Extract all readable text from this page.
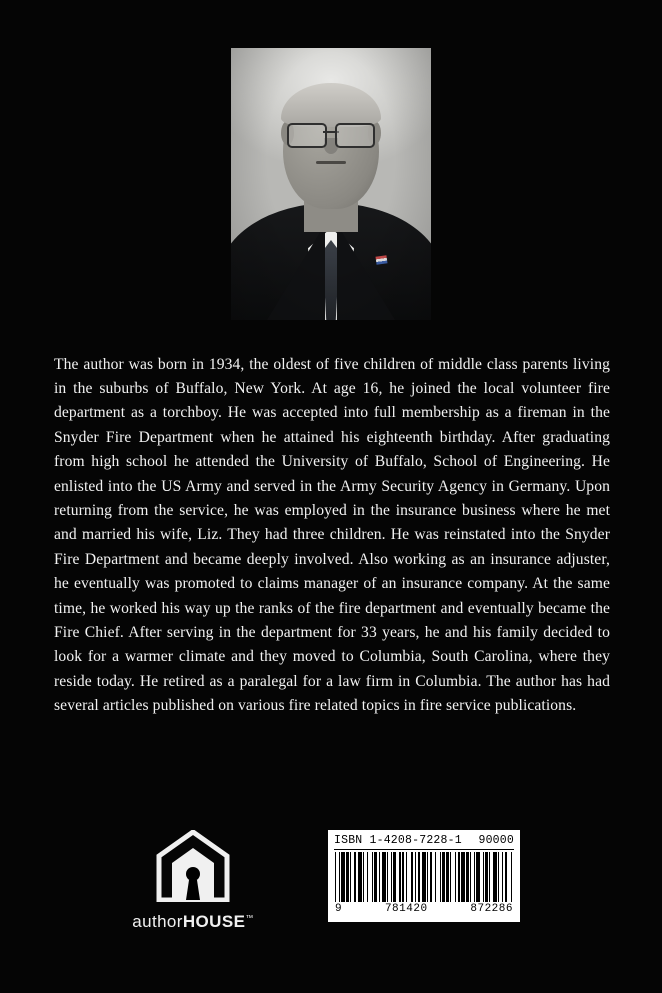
The author was born in 1934, the oldest of five children of middle class parents living in the suburbs of Buffalo, New York. At age 16, he joined the local volunteer fire department as a torchboy. He was accepted into full membership as a fireman in the Snyder Fire Department when he attained his eighteenth birthday. After graduating from high school he attended the University of Buffalo, School of Engineering. He enlisted into the US Army and served in the Army Security Agency in Germany. Upon returning from the service, he was employed in the insurance business where he met and married his wife, Liz. They had three children. He was reinstated into the Snyder Fire Department and became deeply involved. Also working as an insurance adjuster, he eventually was promoted to claims manager of an insurance company. At the same time, he worked his way up the ranks of the fire department and eventually became the Fire Chief. After serving in the department for 33 years, he and his family decided to look for a warmer climate and they moved to Columbia, South Carolina, where they reside today. He retired as a paralegal for a law firm in Columbia. The author has had several articles published on various fire related topics in fire service publications.

authorHOUSE™
ISBN 1-4208-7228-1 90000
9	781420	872286
